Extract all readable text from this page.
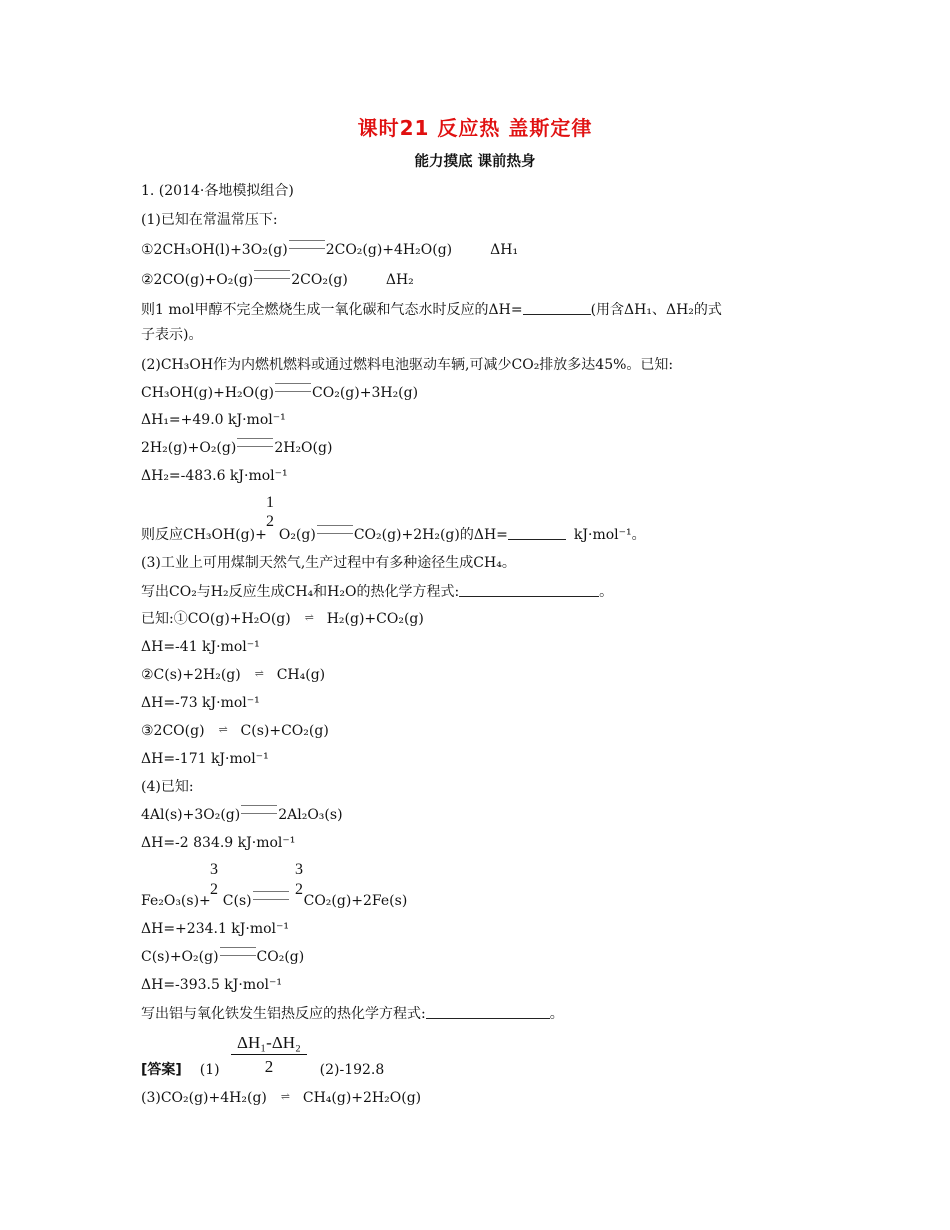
课时21 反应热 盖斯定律
能力摸底 课前热身
1. (2014·各地模拟组合)
(1)已知在常温常压下:
①2CH₃OH(l)+3O₂(g)	2CO₂(g)+4H₂O(g)	ΔH₁
②2CO(g)+O₂(g)	2CO₂(g)	ΔH₂
则1 mol甲醇不完全燃烧生成一氧化碳和气态水时反应的ΔH=	(用含ΔH₁、ΔH₂的式
子表示)。
(2)CH₃OH作为内燃机燃料或通过燃料电池驱动车辆,可减少CO₂排放多达45%。已知:
CH₃OH(g)+H₂O(g)	CO₂(g)+3H₂(g)
ΔH₁=+49.0 kJ·mol⁻¹
2H₂(g)+O₂(g)	2H₂O(g)
ΔH₂=-483.6 kJ·mol⁻¹
1
2
则反应CH₃OH(g)+ O₂(g)	CO₂(g)+2H₂(g)的ΔH=	kJ·mol⁻¹。
(3)工业上可用煤制天然气,生产过程中有多种途径生成CH₄。
写出CO₂与H₂反应生成CH₄和H₂O的热化学方程式:	。
已知:①CO(g)+H₂O(g) ⇌ H₂(g)+CO₂(g)
ΔH=-41 kJ·mol⁻¹
②C(s)+2H₂(g) ⇌ CH₄(g)
ΔH=-73 kJ·mol⁻¹
③2CO(g) ⇌ C(s)+CO₂(g)
ΔH=-171 kJ·mol⁻¹
(4)已知:
4Al(s)+3O₂(g)	2Al₂O₃(s)
ΔH=-2 834.9 kJ·mol⁻¹
3
2
3
2
Fe₂O₃(s)+ C(s)	CO₂(g)+2Fe(s)
ΔH=+234.1 kJ·mol⁻¹
C(s)+O₂(g)	CO₂(g)
ΔH=-393.5 kJ·mol⁻¹
写出铝与氧化铁发生铝热反应的热化学方程式:	。
$\frac{\text{ΔH₁-ΔH₂}}{2}$
[答案] (1)	(2)-192.8
(3)CO₂(g)+4H₂(g) ⇌ CH₄(g)+2H₂O(g)
